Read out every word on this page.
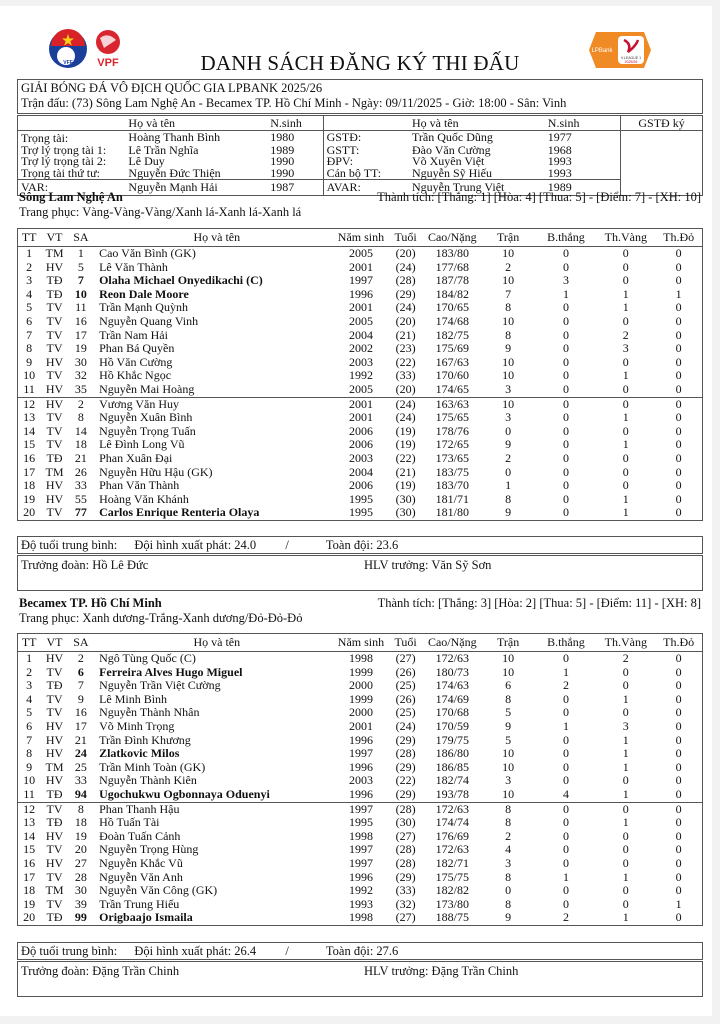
VFF VPF
LPBank
V.LEAGUE 1
2025/26
DANH SÁCH ĐĂNG KÝ THI ĐẤU
GIẢI BÓNG ĐÁ VÔ ĐỊCH QUỐC GIA LPBANK 2025/26
Trận đấu: (73) Sông Lam Nghệ An - Becamex TP. Hồ Chí Minh - Ngày: 09/11/2025 - Giờ: 18:00 - Sân: Vinh
	Họ và tên	N.sinh		Họ và tên	N.sinh	GSTĐ ký
Trọng tài:	Hoàng Thanh Bình	1980	GSTĐ:	Trần Quốc Dũng	1977	
Trợ lý trọng tài 1:	Lê Trần Nghĩa	1989	GSTT:	Đào Văn Cường	1968	
Trợ lý trọng tài 2:	Lê Duy	1990	ĐPV:	Võ Xuyên Việt	1993	
Trọng tài thứ tư:	Nguyễn Đức Thiện	1990	Cán bộ TT:	Nguyễn Sỹ Hiếu	1993	
VAR:	Nguyễn Mạnh Hải	1987	AVAR:	Nguyễn Trung Việt	1989	
Sông Lam Nghệ An	Thành tích: [Thắng: 1] [Hòa: 4] [Thua: 5] - [Điểm: 7] - [XH: 10]
Trang phục: Vàng-Vàng-Vàng/Xanh lá-Xanh lá-Xanh lá
TT	VT	SA	Họ và tên	Năm sinh	Tuổi	Cao/Nặng	Trận	B.thắng	Th.Vàng	Th.Đỏ
1	TM	1	Cao Văn Bình (GK)	2005	(20)	183/80	10	0	0	0
2	HV	5	Lê Văn Thành	2001	(24)	177/68	2	0	0	0
3	TĐ	7	Olaha Michael Onyedikachi (C)	1997	(28)	187/78	10	3	0	0
4	TĐ	10	Reon Dale Moore	1996	(29)	184/82	7	1	1	1
5	TV	11	Trần Mạnh Quỳnh	2001	(24)	170/65	8	0	1	0
6	TV	16	Nguyễn Quang Vinh	2005	(20)	174/68	10	0	0	0
7	TV	17	Trần Nam Hải	2004	(21)	182/75	8	0	2	0
8	TV	19	Phan Bá Quyền	2002	(23)	175/69	9	0	3	0
9	HV	30	Hồ Văn Cường	2003	(22)	167/63	10	0	0	0
10	TV	32	Hồ Khắc Ngọc	1992	(33)	170/60	10	0	1	0
11	HV	35	Nguyễn Mai Hoàng	2005	(20)	174/65	3	0	0	0
12	HV	2	Vương Văn Huy	2001	(24)	163/63	10	0	0	0
13	TV	8	Nguyễn Xuân Bình	2001	(24)	175/65	3	0	1	0
14	TV	14	Nguyễn Trọng Tuấn	2006	(19)	178/76	0	0	0	0
15	TV	18	Lê Đình Long Vũ	2006	(19)	172/65	9	0	1	0
16	TĐ	21	Phan Xuân Đại	2003	(22)	173/65	2	0	0	0
17	TM	26	Nguyễn Hữu Hậu (GK)	2004	(21)	183/75	0	0	0	0
18	HV	33	Phan Văn Thành	2006	(19)	183/70	1	0	0	0
19	HV	55	Hoàng Văn Khánh	1995	(30)	181/71	8	0	1	0
20	TV	77	Carlos Enrique Renteria Olaya	1995	(30)	181/80	9	0	1	0
Độ tuổi trung bình: Đội hình xuất phát: 24.0 /	Toàn đội: 23.6
Trưởng đoàn: Hồ Lê Đức	HLV trưởng: Văn Sỹ Sơn
Becamex TP. Hồ Chí Minh	Thành tích: [Thắng: 3] [Hòa: 2] [Thua: 5] - [Điểm: 11] - [XH: 8]
Trang phục: Xanh dương-Trắng-Xanh dương/Đỏ-Đỏ-Đỏ
TT	VT	SA	Họ và tên	Năm sinh	Tuổi	Cao/Nặng	Trận	B.thắng	Th.Vàng	Th.Đỏ
1	HV	2	Ngô Tùng Quốc (C)	1998	(27)	172/63	10	0	2	0
2	TV	6	Ferreira Alves Hugo Miguel	1999	(26)	180/73	10	1	0	0
3	TĐ	7	Nguyễn Trần Việt Cường	2000	(25)	174/63	6	2	0	0
4	TV	9	Lê Minh Bình	1999	(26)	174/69	8	0	1	0
5	TV	16	Nguyễn Thành Nhân	2000	(25)	170/68	5	0	0	0
6	HV	17	Võ Minh Trọng	2001	(24)	170/59	9	1	3	0
7	HV	21	Trần Đình Khương	1996	(29)	179/75	5	0	1	0
8	HV	24	Zlatkovic Milos	1997	(28)	186/80	10	0	1	0
9	TM	25	Trần Minh Toàn (GK)	1996	(29)	186/85	10	0	1	0
10	HV	33	Nguyễn Thành Kiên	2003	(22)	182/74	3	0	0	0
11	TĐ	94	Ugochukwu Ogbonnaya Oduenyi	1996	(29)	193/78	10	4	1	0
12	TV	8	Phan Thanh Hậu	1997	(28)	172/63	8	0	0	0
13	TĐ	18	Hồ Tuấn Tài	1995	(30)	174/74	8	0	1	0
14	HV	19	Đoàn Tuấn Cảnh	1998	(27)	176/69	2	0	0	0
15	TV	20	Nguyễn Trọng Hùng	1997	(28)	172/63	4	0	0	0
16	HV	27	Nguyễn Khắc Vũ	1997	(28)	182/71	3	0	0	0
17	TV	28	Nguyễn Văn Anh	1996	(29)	175/75	8	1	1	0
18	TM	30	Nguyễn Văn Công (GK)	1992	(33)	182/82	0	0	0	0
19	TV	39	Trần Trung Hiếu	1993	(32)	173/80	8	0	0	1
20	TĐ	99	Origbaajo Ismaila	1998	(27)	188/75	9	2	1	0
Độ tuổi trung bình: Đội hình xuất phát: 26.4 /	Toàn đội: 27.6
Trưởng đoàn: Đặng Trần Chinh	HLV trưởng: Đặng Trần Chinh
